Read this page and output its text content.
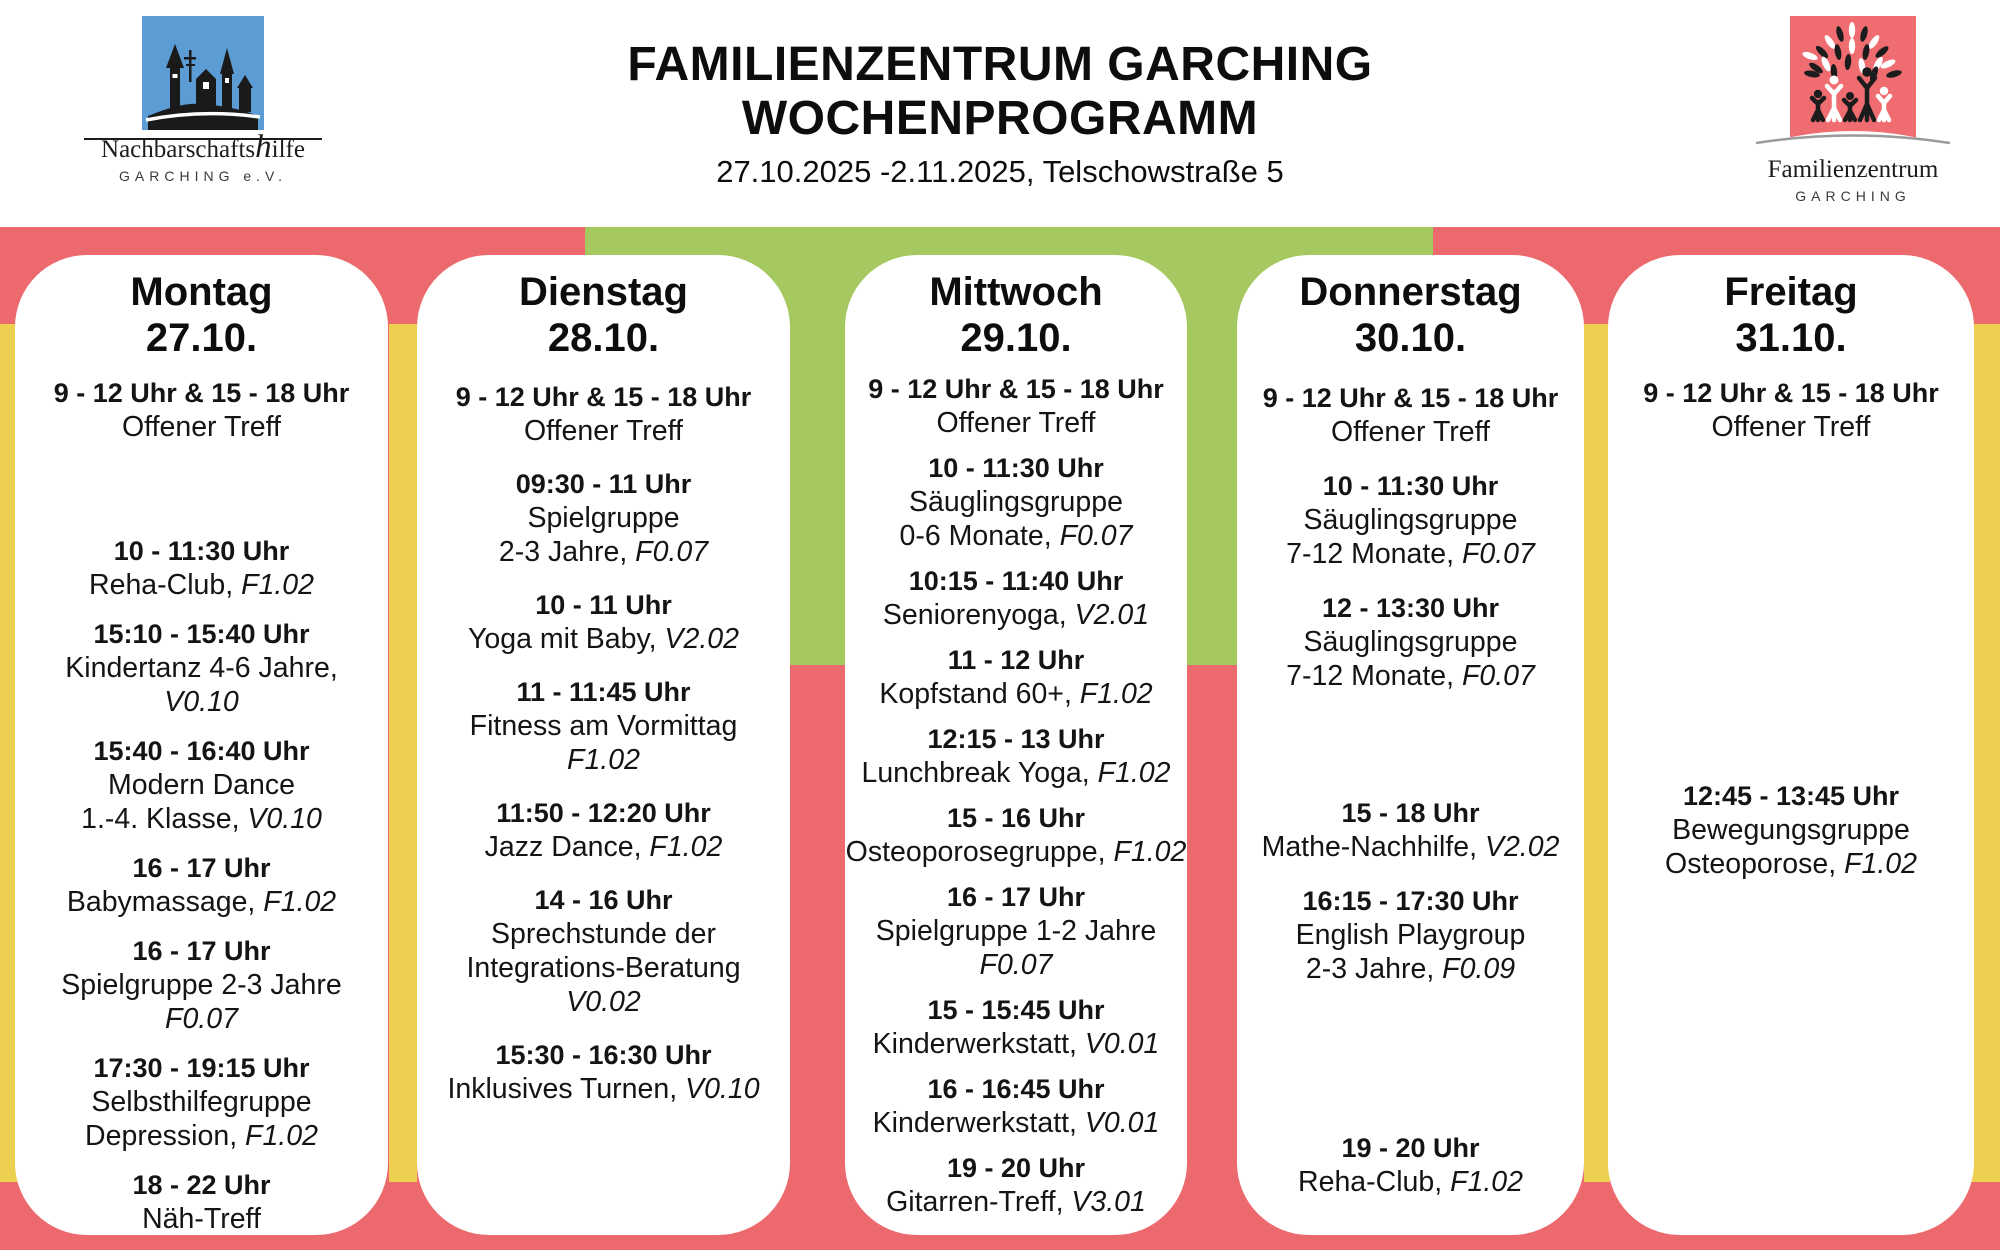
FAMILIENZENTRUM GARCHING
WOCHENPROGRAMM
27.10.2025 -2.11.2025, Telschowstraße 5
Nachbarschaftshilfe
GARCHING e.V.	Familienzentrum
GARCHING
Montag
27.10.
9 - 12 Uhr & 15 - 18 Uhr
Offener Treff
10 - 11:30 Uhr
Reha-Club, F1.02
15:10 - 15:40 Uhr
Kindertanz 4-6 Jahre,
V0.10
15:40 - 16:40 Uhr
Modern Dance
1.-4. Klasse, V0.10
16 - 17 Uhr
Babymassage, F1.02
16 - 17 Uhr
Spielgruppe 2-3 Jahre
F0.07
17:30 - 19:15 Uhr
Selbsthilfegruppe
Depression, F1.02
18 - 22 Uhr
Näh-Treff
Dienstag
28.10.
9 - 12 Uhr & 15 - 18 Uhr
Offener Treff
09:30 - 11 Uhr
Spielgruppe
2-3 Jahre, F0.07
10 - 11 Uhr
Yoga mit Baby, V2.02
11 - 11:45 Uhr
Fitness am Vormittag
F1.02
11:50 - 12:20 Uhr
Jazz Dance, F1.02
14 - 16 Uhr
Sprechstunde der
Integrations-Beratung
V0.02
15:30 - 16:30 Uhr
Inklusives Turnen, V0.10
Mittwoch
29.10.
9 - 12 Uhr & 15 - 18 Uhr
Offener Treff
10 - 11:30 Uhr
Säuglingsgruppe
0-6 Monate, F0.07
10:15 - 11:40 Uhr
Seniorenyoga, V2.01
11 - 12 Uhr
Kopfstand 60+, F1.02
12:15 - 13 Uhr
Lunchbreak Yoga, F1.02
15 - 16 Uhr
Osteoporosegruppe, F1.02
16 - 17 Uhr
Spielgruppe 1-2 Jahre
F0.07
15 - 15:45 Uhr
Kinderwerkstatt, V0.01
16 - 16:45 Uhr
Kinderwerkstatt, V0.01
19 - 20 Uhr
Gitarren-Treff, V3.01
Donnerstag
30.10.
9 - 12 Uhr & 15 - 18 Uhr
Offener Treff
10 - 11:30 Uhr
Säuglingsgruppe
7-12 Monate, F0.07
12 - 13:30 Uhr
Säuglingsgruppe
7-12 Monate, F0.07
15 - 18 Uhr
Mathe-Nachhilfe, V2.02
16:15 - 17:30 Uhr
English Playgroup
2-3 Jahre, F0.09
19 - 20 Uhr
Reha-Club, F1.02
Freitag
31.10.
9 - 12 Uhr & 15 - 18 Uhr
Offener Treff
12:45 - 13:45 Uhr
Bewegungsgruppe
Osteoporose, F1.02
